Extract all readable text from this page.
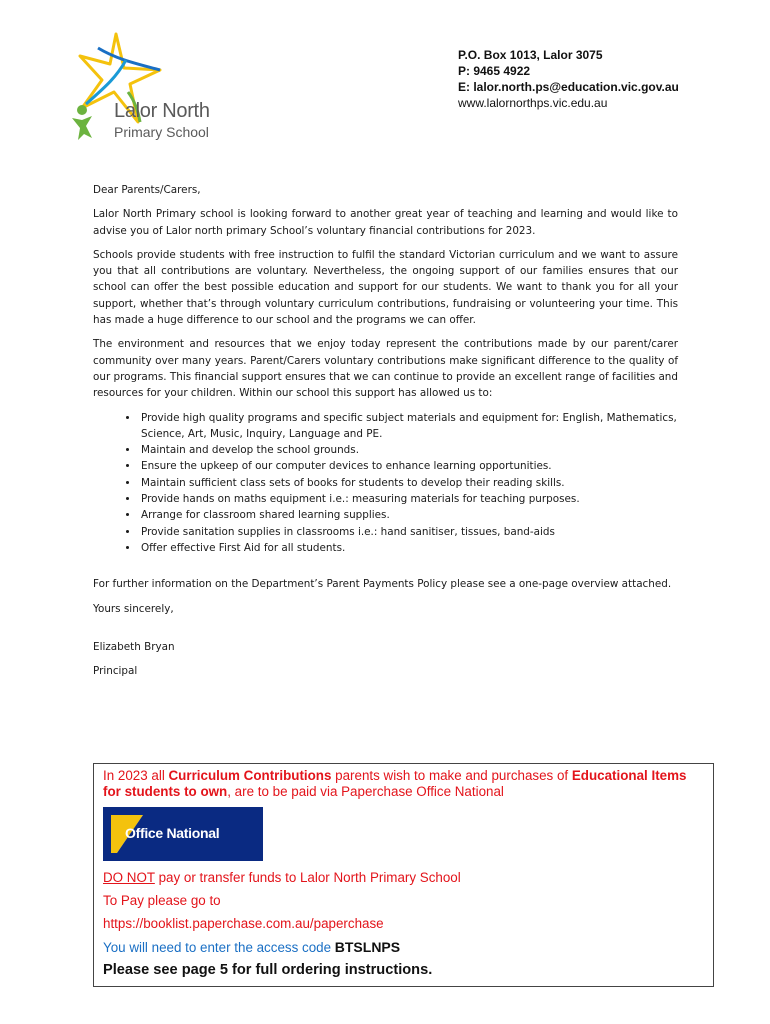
Lalor North
Primary School
P.O. Box 1013, Lalor 3075
P: 9465 4922
E: lalor.north.ps@education.vic.gov.au
www.lalornorthps.vic.edu.au

Dear Parents/Carers,

Lalor North Primary school is looking forward to another great year of teaching and learning and would like to advise you of Lalor north primary School’s voluntary financial contributions for 2023.

Schools provide students with free instruction to fulfil the standard Victorian curriculum and we want to assure you that all contributions are voluntary. Nevertheless, the ongoing support of our families ensures that our school can offer the best possible education and support for our students. We want to thank you for all your support, whether that’s through voluntary curriculum contributions, fundraising or volunteering your time. This has made a huge difference to our school and the programs we can offer.

The environment and resources that we enjoy today represent the contributions made by our parent/carer community over many years. Parent/Carers voluntary contributions make significant difference to the quality of our programs. This financial support ensures that we can continue to provide an excellent range of facilities and resources for your children. Within our school this support has allowed us to:

• Provide high quality programs and specific subject materials and equipment for: English, Mathematics, Science, Art, Music, Inquiry, Language and PE.
• Maintain and develop the school grounds.
• Ensure the upkeep of our computer devices to enhance learning opportunities.
• Maintain sufficient class sets of books for students to develop their reading skills.
• Provide hands on maths equipment i.e.: measuring materials for teaching purposes.
• Arrange for classroom shared learning supplies.
• Provide sanitation supplies in classrooms i.e.: hand sanitiser, tissues, band-aids
• Offer effective First Aid for all students.

For further information on the Department’s Parent Payments Policy please see a one-page overview attached.

Yours sincerely,

Elizabeth Bryan

Principal

In 2023 all Curriculum Contributions parents wish to make and purchases of Educational Items for students to own, are to be paid via Paperchase Office National
Office National
DO NOT pay or transfer funds to Lalor North Primary School
To Pay please go to
https://booklist.paperchase.com.au/paperchase
You will need to enter the access code BTSLNPS
Please see page 5 for full ordering instructions.
